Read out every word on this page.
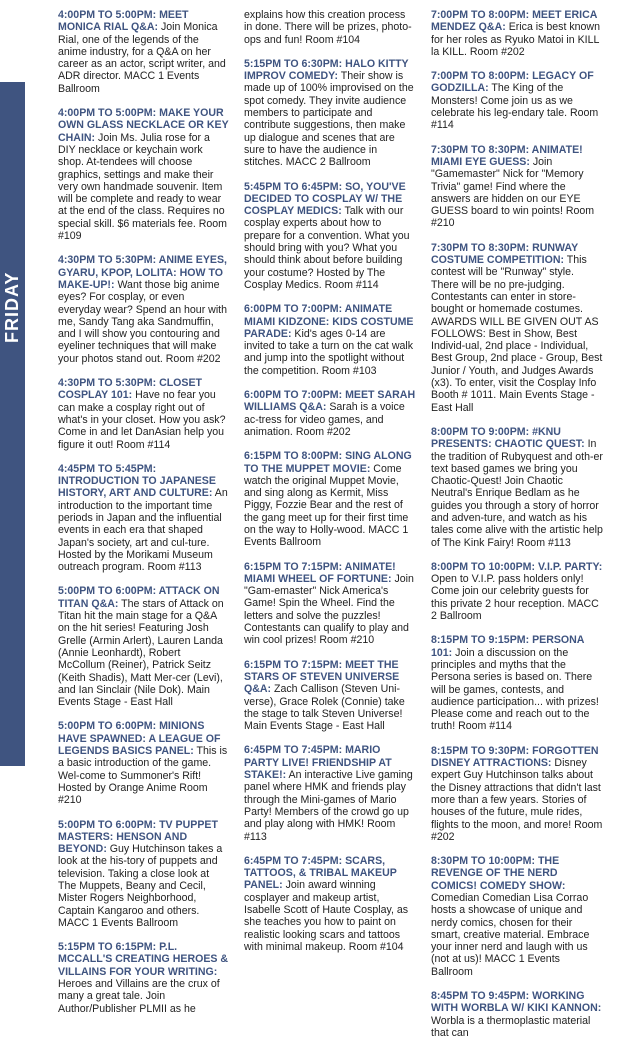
FRIDAY

4:00PM TO 5:00PM: MEET MONICA RIAL Q&A: Join Monica Rial, one of the legends of the anime industry, for a Q&A on her career as an actor, script writer, and ADR director. MACC 1 Events Ballroom

4:00PM TO 5:00PM: MAKE YOUR OWN GLASS NECKLACE OR KEY CHAIN: Join Ms. Julia rose for a DIY necklace or keychain work shop. At-tendees will choose graphics, settings and make their very own handmade souvenir. Item will be complete and ready to wear at the end of the class. Requires no special skill. $6 materials fee. Room #109

4:30PM TO 5:30PM: ANIME EYES, GYARU, KPOP, LOLITA: HOW TO MAKE-UP!: Want those big anime eyes? For cosplay, or even everyday wear? Spend an hour with me, Sandy Tang aka Sandmuffin, and I will show you contouring and eyeliner techniques that will make your photos stand out. Room #202

4:30PM TO 5:30PM: CLOSET COSPLAY 101: Have no fear you can make a cosplay right out of what's in your closet. How you ask? Come in and let DanAsian help you figure it out! Room #114

4:45PM TO 5:45PM: INTRODUCTION TO JAPANESE HISTORY, ART AND CULTURE: An introduction to the important time periods in Japan and the influential events in each era that shaped Japan's society, art and cul-ture. Hosted by the Morikami Museum outreach program. Room #113

5:00PM TO 6:00PM: ATTACK ON TITAN Q&A: The stars of Attack on Titan hit the main stage for a Q&A on the hit series! Featuring Josh Grelle (Armin Arlert), Lauren Landa (Annie Leonhardt), Robert McCollum (Reiner), Patrick Seitz (Keith Shadis), Matt Mer-cer (Levi), and Ian Sinclair (Nile Dok). Main Events Stage - East Hall

5:00PM TO 6:00PM: MINIONS HAVE SPAWNED: A LEAGUE OF LEGENDS BASICS PANEL: This is a basic introduction of the game. Wel-come to Summoner's Rift! Hosted by Orange Anime Room #210

5:00PM TO 6:00PM: TV PUPPET MASTERS: HENSON AND BEYOND: Guy Hutchinson takes a look at the his-tory of puppets and television. Taking a close look at The Muppets, Beany and Cecil, Mister Rogers Neighborhood, Captain Kangaroo and others. MACC 1 Events Ballroom

5:15PM TO 6:15PM: P.L. MCCALL'S CREATING HEROES & VILLAINS FOR YOUR WRITING: Heroes and Villains are the crux of many a great tale. Join Author/Publisher PLMII as he

explains how this creation process in done. There will be prizes, photo-ops and fun! Room #104

5:15PM TO 6:30PM: HALO KITTY IMPROV COMEDY: Their show is made up of 100% improvised on the spot comedy. They invite audience members to participate and contribute suggestions, then make up dialogue and scenes that are sure to have the audience in stitches. MACC 2 Ballroom

5:45PM TO 6:45PM: SO, YOU'VE DECIDED TO COSPLAY W/ THE COSPLAY MEDICS: Talk with our cosplay experts about how to prepare for a convention. What you should bring with you? What you should think about before building your costume? Hosted by The Cosplay Medics. Room #114

6:00PM TO 7:00PM: ANIMATE MIAMI KIDZONE: KIDS COSTUME PARADE: Kid's ages 0-14 are invited to take a turn on the cat walk and jump into the spotlight without the competition. Room #103

6:00PM TO 7:00PM: MEET SARAH WILLIAMS Q&A: Sarah is a voice ac-tress for video games, and animation. Room #202

6:15PM TO 8:00PM: SING ALONG TO THE MUPPET MOVIE: Come watch the original Muppet Movie, and sing along as Kermit, Miss Piggy, Fozzie Bear and the rest of the gang meet up for their first time on the way to Holly-wood. MACC 1 Events Ballroom

6:15PM TO 7:15PM: ANIMATE! MIAMI WHEEL OF FORTUNE: Join "Gam-emaster" Nick America's Game! Spin the Wheel. Find the letters and solve the puzzles! Contestants can qualify to play and win cool prizes! Room #210

6:15PM TO 7:15PM: MEET THE STARS OF STEVEN UNIVERSE Q&A: Zach Callison (Steven Uni-verse), Grace Rolek (Connie) take the stage to talk Steven Universe! Main Events Stage - East Hall

6:45PM TO 7:45PM: MARIO PARTY LIVE! FRIENDSHIP AT STAKE!: An interactive Live gaming panel where HMK and friends play through the Mini-games of Mario Party! Members of the crowd go up and play along with HMK! Room #113

6:45PM TO 7:45PM: SCARS, TATTOOS, & TRIBAL MAKEUP PANEL: Join award winning cosplayer and makeup artist, Isabelle Scott of Haute Cosplay, as she teaches you how to paint on realistic looking scars and tattoos with minimal makeup. Room #104

7:00PM TO 8:00PM: MEET ERICA MENDEZ Q&A: Erica is best known for her roles as Ryuko Matoi in KILL la KILL. Room #202

7:00PM TO 8:00PM: LEGACY OF GODZILLA: The King of the Monsters! Come join us as we celebrate his leg-endary tale. Room #114

7:30PM TO 8:30PM: ANIMATE! MIAMI EYE GUESS: Join "Gamemaster" Nick for "Memory Trivia" game! Find where the answers are hidden on our EYE GUESS board to win points! Room #210

7:30PM TO 8:30PM: RUNWAY COSTUME COMPETITION: This contest will be "Runway" style. There will be no pre-judging. Contestants can enter in store-bought or homemade costumes. AWARDS WILL BE GIVEN OUT AS FOLLOWS: Best in Show, Best Individ-ual, 2nd place - Individual, Best Group, 2nd place - Group, Best Junior / Youth, and Judges Awards (x3). To enter, visit the Cosplay Info Booth # 1011. Main Events Stage - East Hall

8:00PM TO 9:00PM: #KNU PRESENTS: CHAOTIC QUEST: In the tradition of Rubyquest and oth-er text based games we bring you Chaotic-Quest! Join Chaotic Neutral's Enrique Bedlam as he guides you through a story of horror and adven-ture, and watch as his tales come alive with the artistic help of The Kink Fairy! Room #113

8:00PM TO 10:00PM: V.I.P. PARTY: Open to V.I.P. pass holders only! Come join our celebrity guests for this private 2 hour reception. MACC 2 Ballroom

8:15PM TO 9:15PM: PERSONA 101: Join a discussion on the principles and myths that the Persona series is based on. There will be games, contests, and audience participation... with prizes! Please come and reach out to the truth! Room #114

8:15PM TO 9:30PM: FORGOTTEN DISNEY ATTRACTIONS: Disney expert Guy Hutchinson talks about the Disney attractions that didn't last more than a few years. Stories of houses of the future, mule rides, flights to the moon, and more! Room #202

8:30PM TO 10:00PM: THE REVENGE OF THE NERD COMICS! COMEDY SHOW: Comedian Comedian Lisa Corrao hosts a showcase of unique and nerdy comics, chosen for their smart, creative material. Embrace your inner nerd and laugh with us (not at us)! MACC 1 Events Ballroom

8:45PM TO 9:45PM: WORKING WITH WORBLA W/ KIKI KANNON: Worbla is a thermoplastic material that can
